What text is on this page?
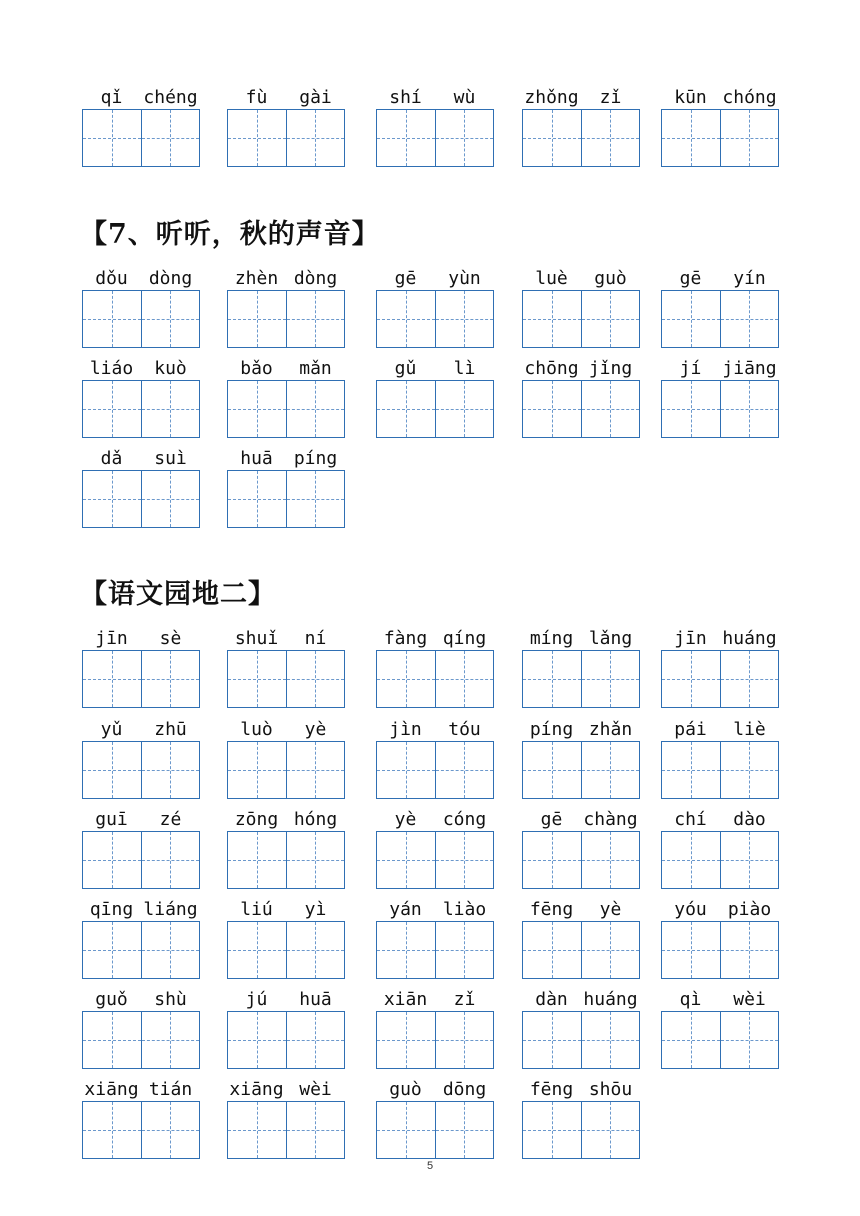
qǐ	chéng	fù	gài	shí	wù	zhǒng	zǐ	kūn chóng
【7、听听，秋的声音】
dǒu	dòng	zhèn dòng	gē	yùn	luè	guò	gē	yín
liáo	kuò	bǎo	mǎn	gǔ	lì	chōng jǐng	jí	jiāng
dǎ	suì	huā	píng
【语文园地二】
jīn	sè	shuǐ	ní	fàng qíng	míng lǎng	jīn huáng
yǔ	zhū	luò	yè	jìn	tóu	píng zhǎn	pái	liè
guī	zé	zōng hóng	yè	cóng	gē	chàng	chí	dào
qīng liáng	liú	yì	yán	liào	fēng	yè	yóu	piào
guǒ	shù	jú	huā	xiān	zǐ	dàn huáng	qì	wèi
xiāng tián	xiāng wèi	guò	dōng	fēng shōu
5
